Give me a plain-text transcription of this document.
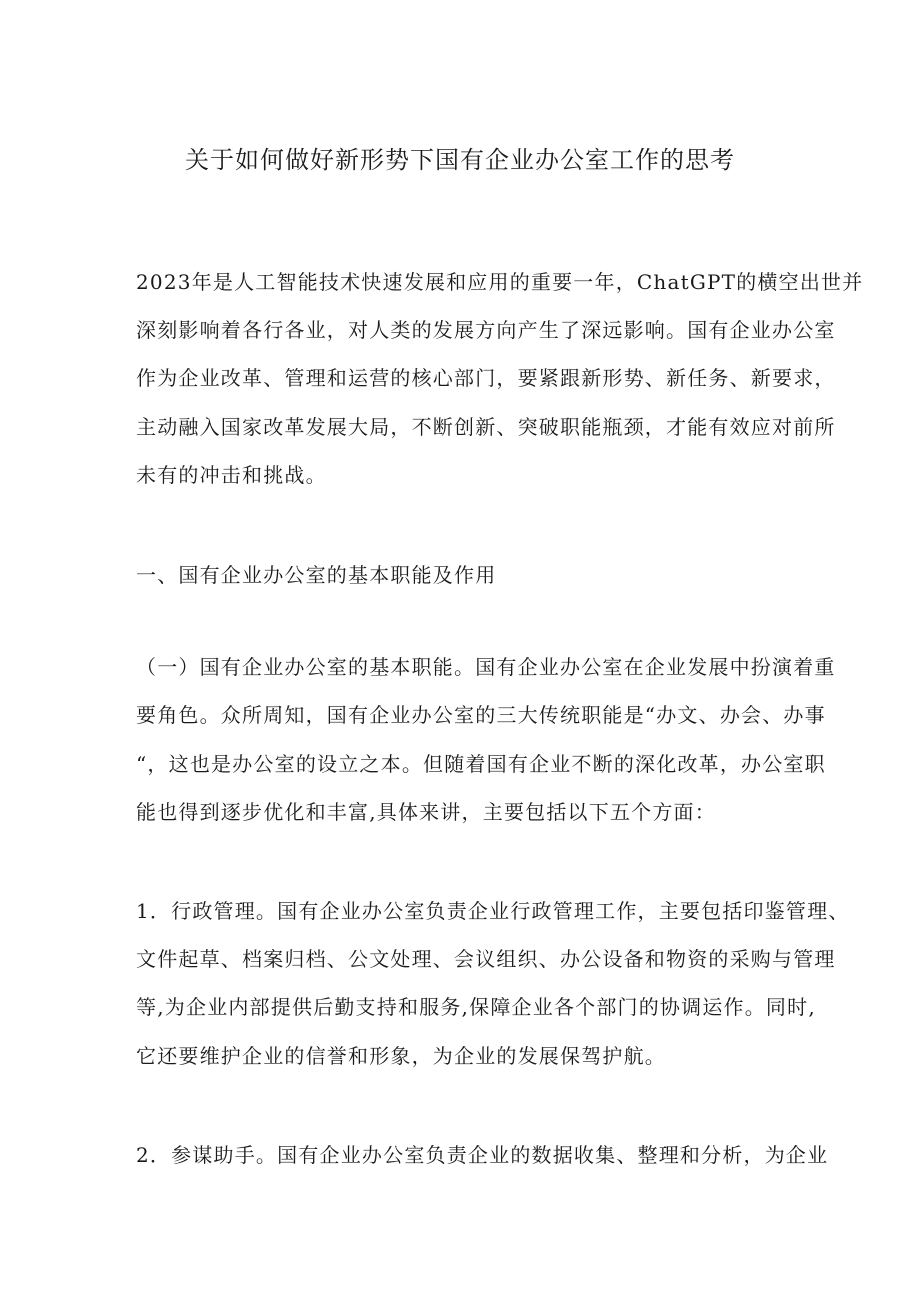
关于如何做好新形势下国有企业办公室工作的思考
2023年是人工智能技术快速发展和应用的重要一年，ChatGPT的横空出世并
深刻影响着各行各业，对人类的发展方向产生了深远影响。国有企业办公室
作为企业改革、管理和运营的核心部门，要紧跟新形势、新任务、新要求，
主动融入国家改革发展大局，不断创新、突破职能瓶颈，才能有效应对前所
未有的冲击和挑战。
一、国有企业办公室的基本职能及作用
（一）国有企业办公室的基本职能。国有企业办公室在企业发展中扮演着重
要角色。众所周知，国有企业办公室的三大传统职能是“办文、办会、办事
“，这也是办公室的设立之本。但随着国有企业不断的深化改革，办公室职
能也得到逐步优化和丰富,具体来讲，主要包括以下五个方面：
1．行政管理。国有企业办公室负责企业行政管理工作，主要包括印鉴管理、
文件起草、档案归档、公文处理、会议组织、办公设备和物资的采购与管理
等,为企业内部提供后勤支持和服务,保障企业各个部门的协调运作。同时,
它还要维护企业的信誉和形象，为企业的发展保驾护航。
2．参谋助手。国有企业办公室负责企业的数据收集、整理和分析，为企业
